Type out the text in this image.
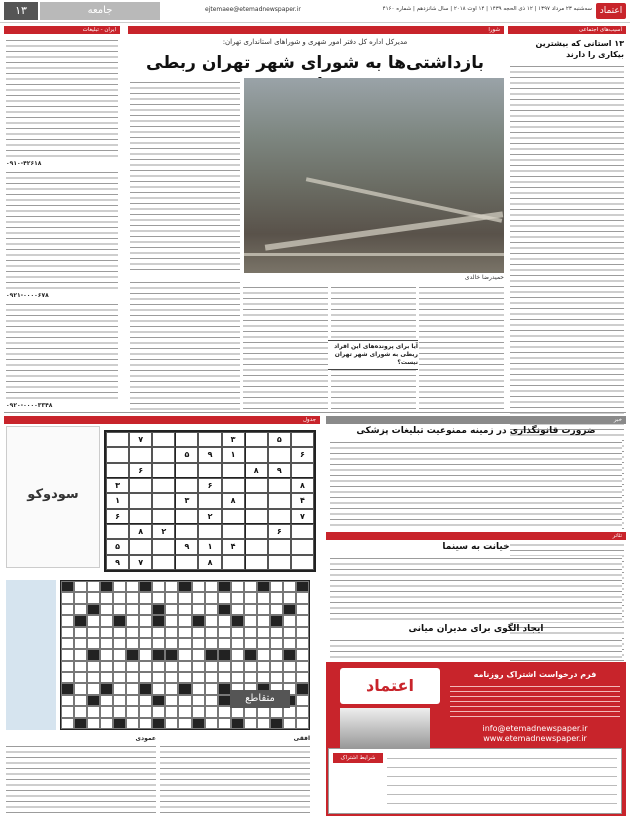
اعتماد
سه‌شنبه ۲۳ مرداد ۱۳۹۷ | ۱۲ ذی الحجه ۱۴۳۹ | ۱۴ اوت ۲۰۱۸ | سال شانزدهم | شماره ۴۱۶۰
ejtemaee@etemadnewspaper.ir
جامعه
۱۳
آسیب‌های اجتماعی
۱۳ استانی که بیشترین بیکاری را دارند
شورا
مدیرکل اداره کل دفتر امور شهری و شوراهای استانداری تهران:
بازداشتی‌ها به شورای شهر تهران ربطی
حمیدرضا خالدی
آیا برای پرونده‌های این افراد ربطی به شورای شهر تهران نیست؟
ایران - تبلیغات
۰۹۱۰-۴۲۶۱۸
۰۹۲۱-۰۰۰۰۶۷۸
۰۹۲۰-۰۰۰۰۳۳۴۸
خبر
ضرورت قانونگذاری در زمینه ممنوعیت تبلیغات پزشکی
تئاتر
خیانت به سینما
ایجاد الگوی برای مدیران میانی
جدول
سودوکو
۵
۳
۷
۶
۱
۹
۵
۹
۸
۶
۸
۶
۳
۴
۸
۳
۱
۷
۲
۶
۶
۲
۸
۴
۱
۹
۵
۸
۷
۹
متقاطع
افقی
عمودی
اعتماد
فرم درخواست اشتراک روزنامه
info@etemadnewspaper.ir
www.etemadnewspaper.ir
شرایط اشتراک
